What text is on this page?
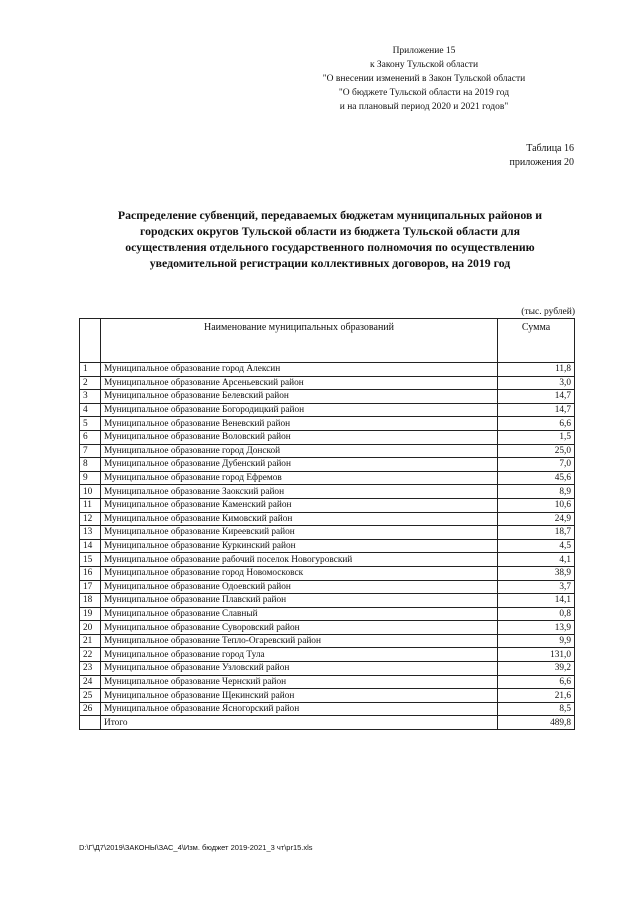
Приложение 15
к Закону Тульской области
"О внесении изменений в Закон Тульской области
"О бюджете Тульской области на 2019 год
и на плановый период 2020 и 2021 годов"
Таблица 16
приложения 20
Распределение субвенций, передаваемых бюджетам муниципальных районов и
городских округов Тульской области из бюджета Тульской области для
осуществления отдельного государственного полномочия по осуществлению
уведомительной регистрации коллективных договоров, на 2019 год
(тыс. рублей)
	Наименование муниципальных образований	Сумма
1	Муниципальное образование город Алексин	11,8
2	Муниципальное образование Арсеньевский район	3,0
3	Муниципальное образование Белевский район	14,7
4	Муниципальное образование Богородицкий район	14,7
5	Муниципальное образование Веневский район	6,6
6	Муниципальное образование Воловский район	1,5
7	Муниципальное образование город Донской	25,0
8	Муниципальное образование Дубенский район	7,0
9	Муниципальное образование город Ефремов	45,6
10	Муниципальное образование Заокский район	8,9
11	Муниципальное образование Каменский район	10,6
12	Муниципальное образование Кимовский район	24,9
13	Муниципальное образование Киреевский район	18,7
14	Муниципальное образование Куркинский район	4,5
15	Муниципальное образование рабочий поселок Новогуровский	4,1
16	Муниципальное образование город Новомосковск	38,9
17	Муниципальное образование Одоевский район	3,7
18	Муниципальное образование Плавский район	14,1
19	Муниципальное образование Славный	0,8
20	Муниципальное образование Суворовский район	13,9
21	Муниципальное образование Тепло-Огаревский район	9,9
22	Муниципальное образование город Тула	131,0
23	Муниципальное образование Узловский район	39,2
24	Муниципальное образование Чернский район	6,6
25	Муниципальное образование Щекинский район	21,6
26	Муниципальное образование Ясногорский район	8,5
	Итого	489,8
D:\Г\Д7\2019\ЗАКОНЫ\ЗАС_4\Изм. бюджет 2019-2021_3 чт\pr15.xls
